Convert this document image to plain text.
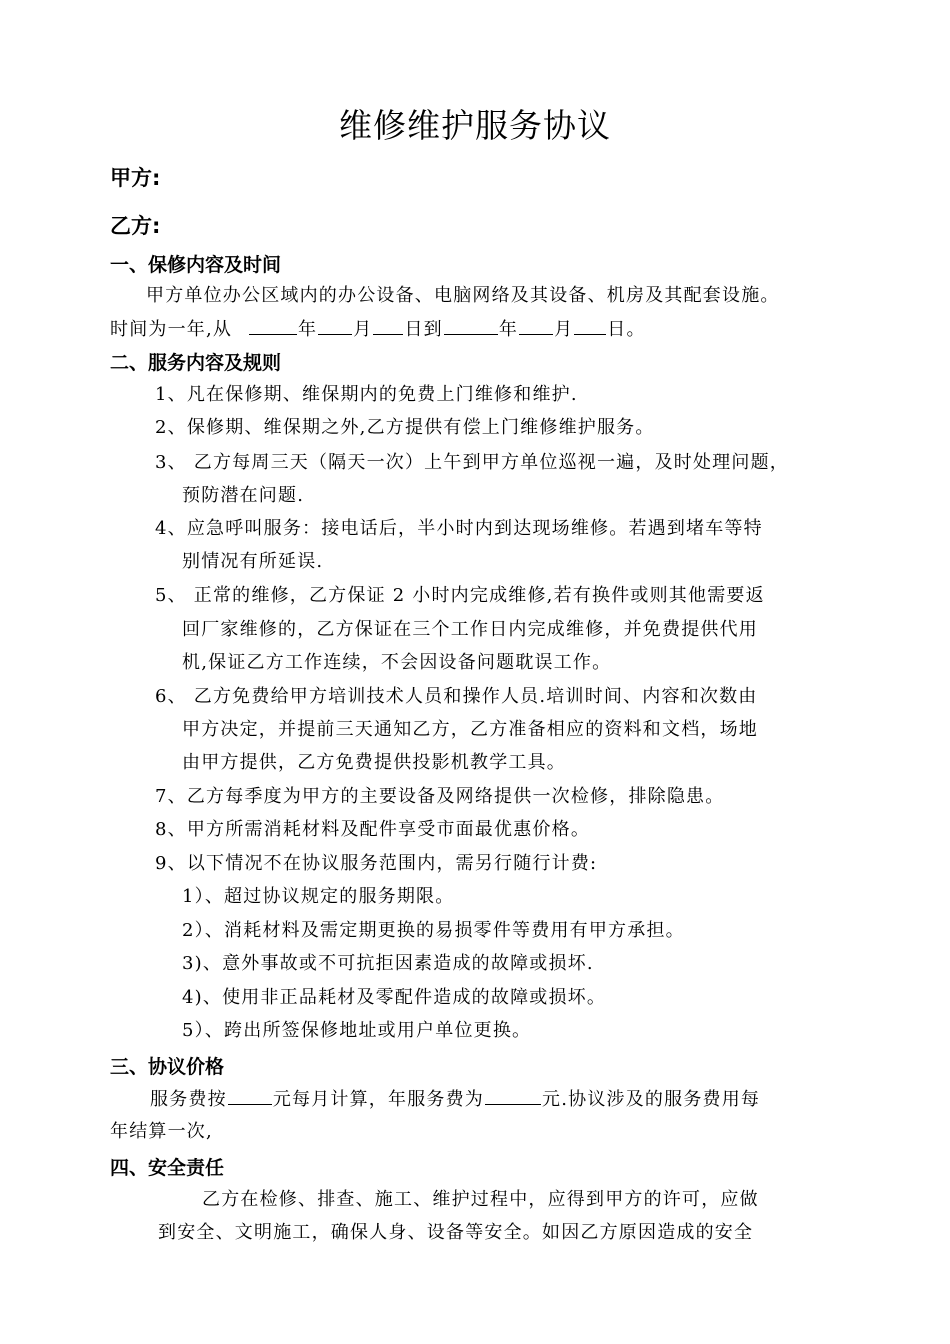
维修维护服务协议
甲方:
乙方:
一、保修内容及时间
甲方单位办公区域内的办公设备、电脑网络及其设备、机房及其配套设施。
时间为一年,从	年 月 日到	年 月 日。
二、服务内容及规则
1、凡在保修期、维保期内的免费上门维修和维护.
2、保修期、维保期之外,乙方提供有偿上门维修维护服务。
3、 乙方每周三天（隔天一次）上午到甲方单位巡视一遍，及时处理问题，
预防潜在问题.
4、应急呼叫服务：接电话后，半小时内到达现场维修。若遇到堵车等特
别情况有所延误.
5、 正常的维修，乙方保证 2 小时内完成维修,若有换件或则其他需要返
回厂家维修的，乙方保证在三个工作日内完成维修，并免费提供代用
机,保证乙方工作连续，不会因设备问题耽误工作。
6、 乙方免费给甲方培训技术人员和操作人员.培训时间、内容和次数由
甲方决定，并提前三天通知乙方，乙方准备相应的资料和文档，场地
由甲方提供，乙方免费提供投影机教学工具。
7、乙方每季度为甲方的主要设备及网络提供一次检修，排除隐患。
8、甲方所需消耗材料及配件享受市面最优惠价格。
9、以下情况不在协议服务范围内，需另行随行计费:
1）、超过协议规定的服务期限。
2）、消耗材料及需定期更换的易损零件等费用有甲方承担。
3)、意外事故或不可抗拒因素造成的故障或损坏.
4)、使用非正品耗材及零配件造成的故障或损坏。
5）、跨出所签保修地址或用户单位更换。
三、协议价格
服务费按	元每月计算，年服务费为	元.协议涉及的服务费用每
年结算一次,
四、安全责任
乙方在检修、排查、施工、维护过程中，应得到甲方的许可，应做
到安全、文明施工，确保人身、设备等安全。如因乙方原因造成的安全
